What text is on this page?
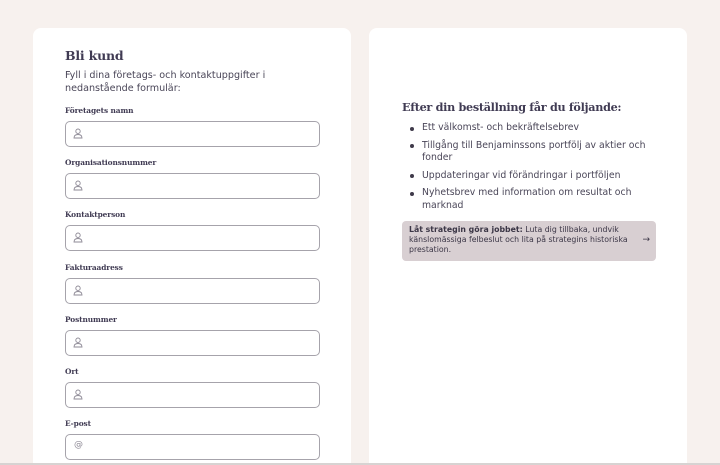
Bli kund

Fyll i dina företags- och kontaktuppgifter i nedanstående formulär:

Företagets namn
Organisationsnummer
Kontaktperson
Fakturaadress
Postnummer
Ort
E-post
@
Efter din beställning får du följande:
Ett välkomst- och bekräftelsebrev
Tillgång till Benjaminssons portfölj av aktier och fonder
Uppdateringar vid förändringar i portföljen
Nyhetsbrev med information om resultat och marknad
Låt strategin göra jobbet: Luta dig tillbaka, undvik känslomässiga felbeslut och lita på strategins historiska prestation.
→
